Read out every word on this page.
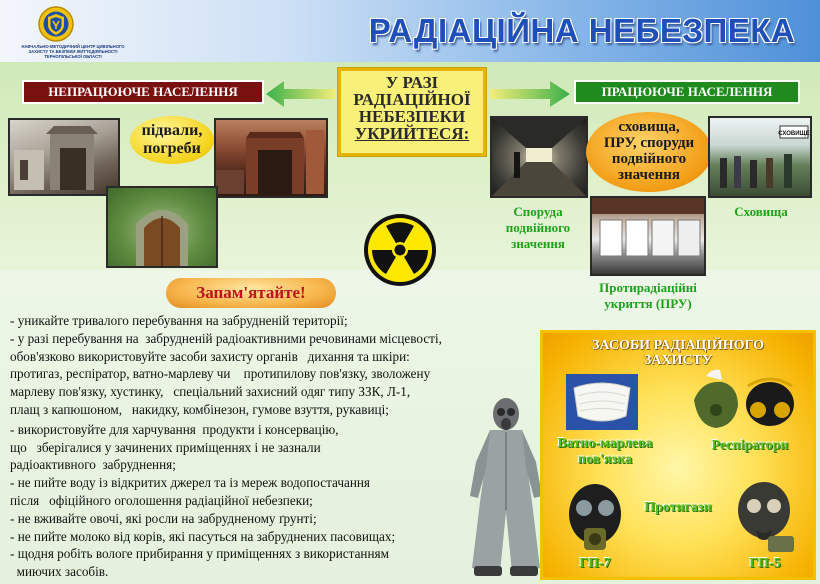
НАВЧАЛЬНО-МЕТОДИЧНИЙ ЦЕНТР ЦИВІЛЬНОГО ЗАХИСТУ ТА БЕЗПЕКИ ЖИТТЄДІЯЛЬНОСТІ ТЕРНОПІЛЬСЬКОЇ ОБЛАСТІ
РАДІАЦІЙНА НЕБЕЗПЕКА
НЕПРАЦЮЮЧЕ НАСЕЛЕННЯ	ПРАЦЮЮЧЕ НАСЕЛЕННЯ
У РАЗІ
РАДІАЦІЙНОЇ
НЕБЕЗПЕКИ
УКРИЙТЕСЯ:
підвали,
погреби
сховища,
ПРУ, споруди
подвійного
значення
СХОВИЩЕ
Споруда
подвійного
значення
Протирадіаційні
укриття (ПРУ)
Сховища
Запам'ятайте!

- уникайте тривалого перебування на забрудненій території;

- у разі перебування на  забрудненій радіоактивними речовинами місцевості,

обов'язково використовуйте засоби захисту органів   дихання та шкіри:

протигаз, респіратор, ватно-марлеву чи    протипилову пов'язку, зволожену

марлеву пов'язку, хустинку,   спеціальний захисний одяг типу ЗЗК, Л-1,

плащ з капюшоном,   накидку, комбінезон, гумове взуття, рукавиці;

- використовуйте для харчування  продукти і консервацію,

що   зберігалися у зачинених приміщеннях і не зазнали

радіоактивного  забруднення;

- не пийте воду із відкритих джерел та із мереж водопостачання

після   офіційного оголошення радіаційної небезпеки;

- не вживайте овочі, які росли на забрудненому ґрунті;

- не пийте молоко від корів, які пасуться на забруднених пасовищах;

- щодня робіть вологе прибирання у приміщеннях з використанням

миючих засобів.

ЗАСОБИ РАДІАЦІЙНОГО
ЗАХИСТУ
Ватно-марлева
пов'язка
Респіратори
Протигази
ГП-7	ГП-5
